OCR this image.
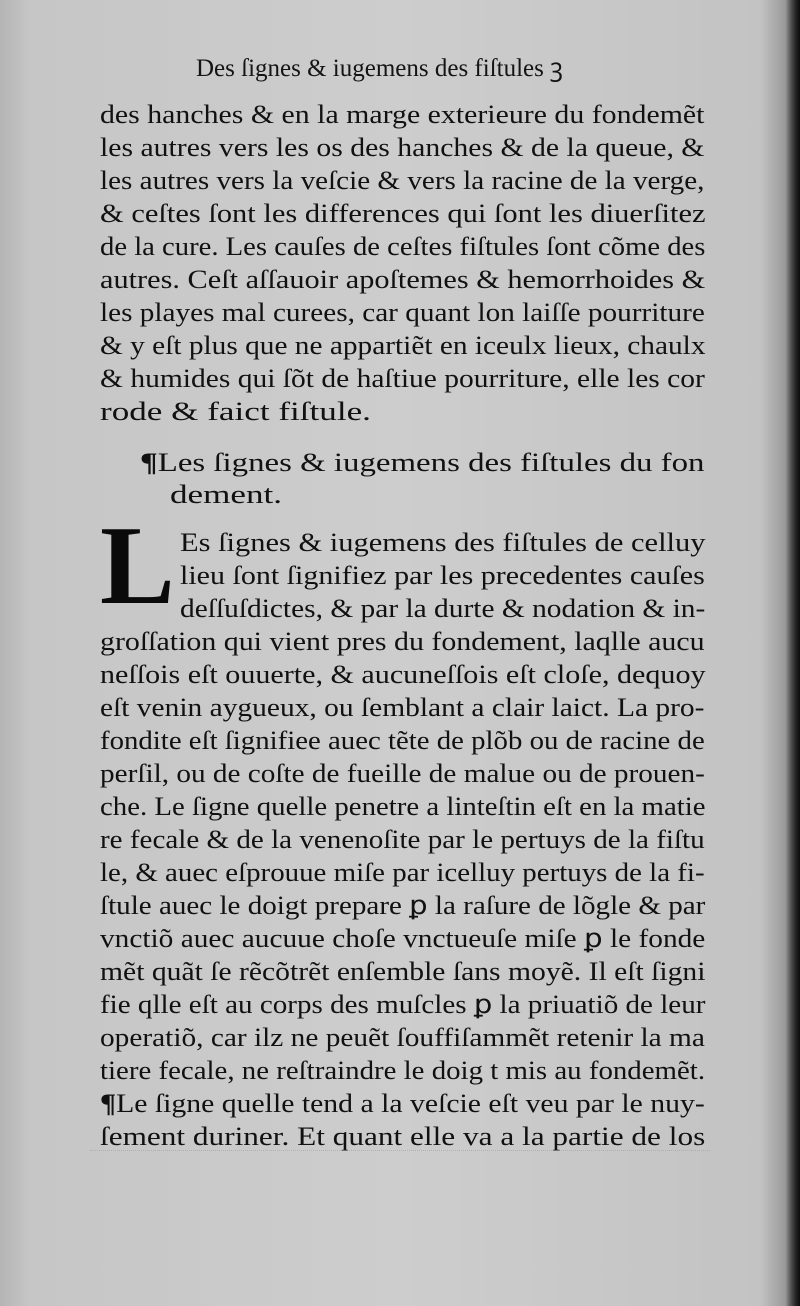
Des ſignes & iugemens des fiſtules ꝫ
des hanches & en la marge exterieure du fondemẽt
les autres vers les os des hanches & de la queue, &
les autres vers la veſcie & vers la racine de la verge,
& ceſtes ſont les differences qui ſont les diuerſitez
de la cure. Les cauſes de ceſtes fiſtules ſont cõme des
autres. Ceſt aſſauoir apoſtemes & hemorrhoides &
les playes mal curees, car quant lon laiſſe pourriture
& y eſt plus que ne appartiẽt en iceulx lieux, chaulx
& humides qui ſõt de haſtiue pourriture, elle les cor
rode & faict fiſtule.
¶Les ſignes & iugemens des fiſtules du fon
dement.
L Es ſignes & iugemens des fiſtules de celluy
lieu ſont ſignifiez par les precedentes cauſes
deſſuſdictes, & par la durte & nodation & in-
groſſation qui vient pres du fondement, laqlle aucu
neſſois eſt ouuerte, & aucuneſſois eſt cloſe, dequoy
eſt venin aygueux, ou ſemblant a clair laict. La pro-
fondite eſt ſignifiee auec tẽte de plõb ou de racine de
perſil, ou de coſte de fueille de malue ou de prouen-
che. Le ſigne quelle penetre a linteſtin eſt en la matie
re fecale & de la venenoſite par le pertuys de la fiſtu
le, & auec eſprouue miſe par icelluy pertuys de la fi-
ſtule auec le doigt prepare ꝑ la raſure de lõgle & par
vnctiõ auec aucuue choſe vnctueuſe miſe ꝑ le fonde
mẽt quãt ſe rẽcõtrẽt enſemble ſans moyẽ. Il eſt ſigni
fie qlle eſt au corps des muſcles ꝑ la priuatiõ de leur
operatiõ, car ilz ne peuẽt ſouffiſammẽt retenir la ma
tiere fecale, ne reſtraindre le doig t mis au fondemẽt.
¶Le ſigne quelle tend a la veſcie eſt veu par le nuy-
ſement duriner. Et quant elle va a la partie de los
